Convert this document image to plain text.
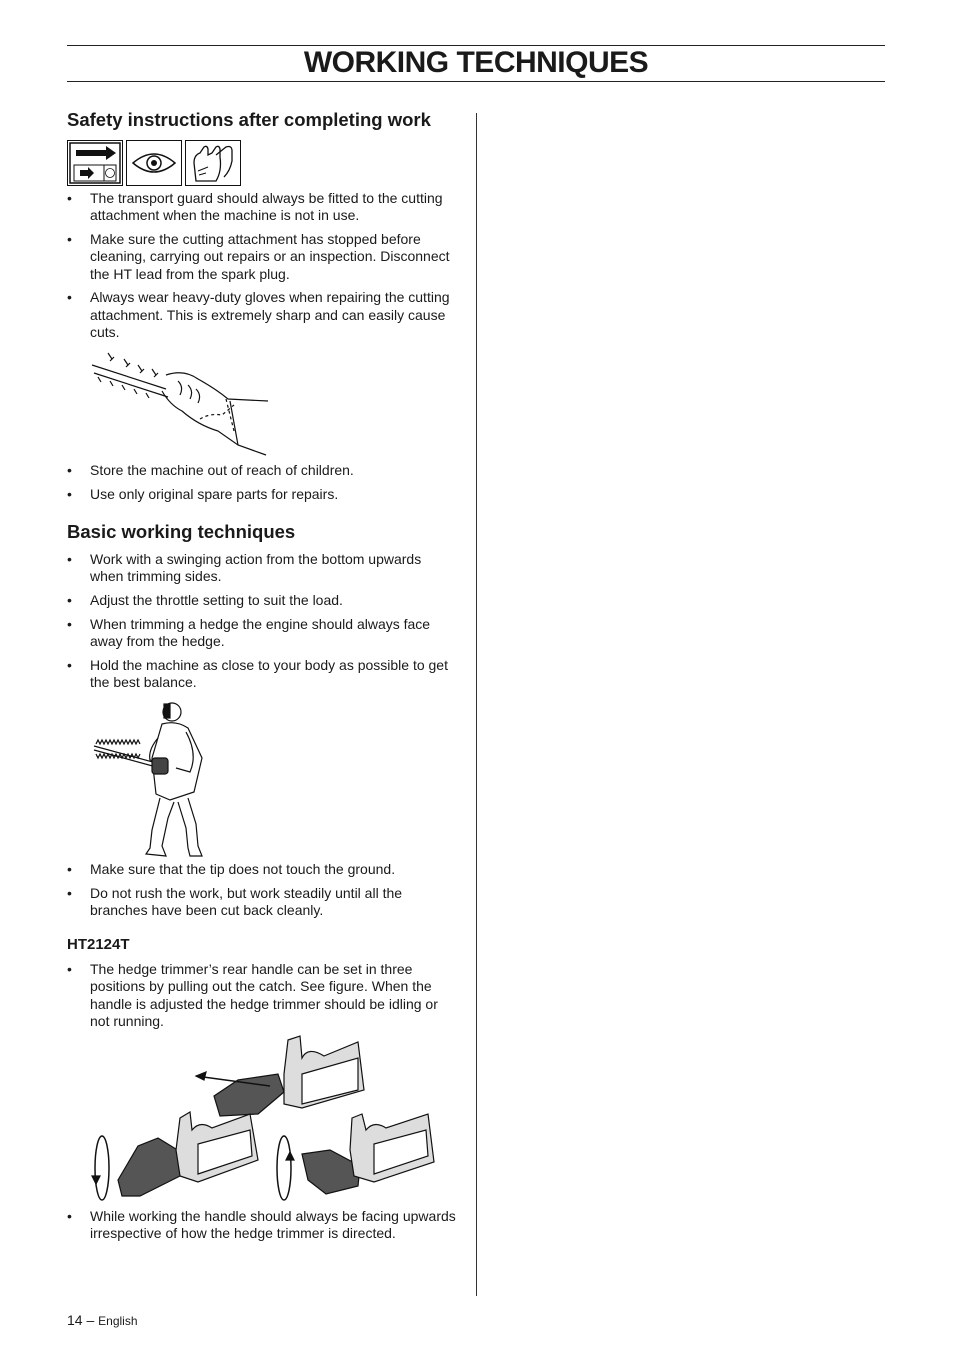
WORKING TECHNIQUES
Safety instructions after completing work
• The transport guard should always be fitted to the cutting attachment when the machine is not in use.
• Make sure the cutting attachment has stopped before cleaning, carrying out repairs or an inspection. Disconnect the HT lead from the spark plug.
• Always wear heavy-duty gloves when repairing the cutting attachment. This is extremely sharp and can easily cause cuts.
• Store the machine out of reach of children.
• Use only original spare parts for repairs.
Basic working techniques
• Work with a swinging action from the bottom upwards when trimming sides.
• Adjust the throttle setting to suit the load.
• When trimming a hedge the engine should always face away from the hedge.
• Hold the machine as close to your body as possible to get the best balance.
• Make sure that the tip does not touch the ground.
• Do not rush the work, but work steadily until all the branches have been cut back cleanly.
HT2124T
• The hedge trimmer’s rear handle can be set in three positions by pulling out the catch. See figure. When the handle is adjusted the hedge trimmer should be idling or not running.
• While working the handle should always be facing upwards irrespective of how the hedge trimmer is directed.
14 – English
